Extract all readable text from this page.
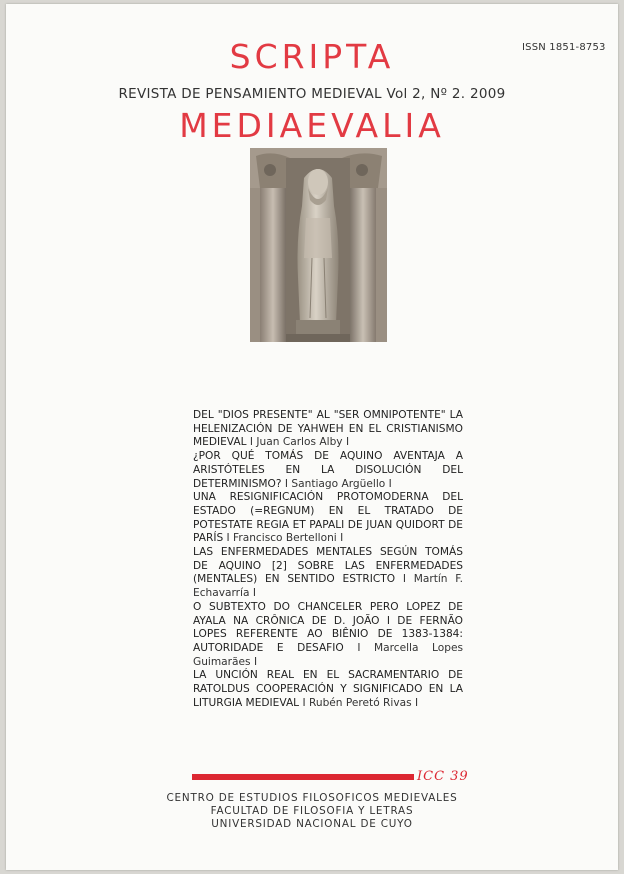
ISSN 1851-8753
SCRIPTA
REVISTA DE PENSAMIENTO MEDIEVAL Vol 2, Nº 2. 2009
MEDIAEVALIA

DEL "DIOS PRESENTE" AL "SER OMNIPOTENTE" LA HELENIZACIÓN DE YAHWEH EN EL CRISTIANISMO MEDIEVAL I Juan Carlos Alby I

¿POR QUÉ TOMÁS DE AQUINO AVENTAJA A ARISTÓTELES EN LA DISOLUCIÓN DEL DETERMINISMO? I Santiago Argüello I

UNA RESIGNIFICACIÓN PROTOMODERNA DEL ESTADO (=REGNUM) EN EL TRATADO DE POTESTATE REGIA ET PAPALI DE JUAN QUIDORT DE PARÍS I Francisco Bertelloni I

LAS ENFERMEDADES MENTALES SEGÚN TOMÁS DE AQUINO [2] SOBRE LAS ENFERMEDADES (MENTALES) EN SENTIDO ESTRICTO I Martín F. Echavarría I

O SUBTEXTO DO CHANCELER PERO LOPEZ DE AYALA NA CRÔNICA DE D. JOÃO I DE FERNÃO LOPES REFERENTE AO BIÊNIO DE 1383-1384: AUTORIDADE E DESAFIO I Marcella Lopes Guimarães I

LA UNCIÓN REAL EN EL SACRAMENTARIO DE RATOLDUS COOPERACIÓN Y SIGNIFICADO EN LA LITURGIA MEDIEVAL I Rubén Peretó Rivas I

ICC 39
CENTRO DE ESTUDIOS FILOSOFICOS MEDIEVALES
FACULTAD DE FILOSOFIA Y LETRAS
UNIVERSIDAD NACIONAL DE CUYO
